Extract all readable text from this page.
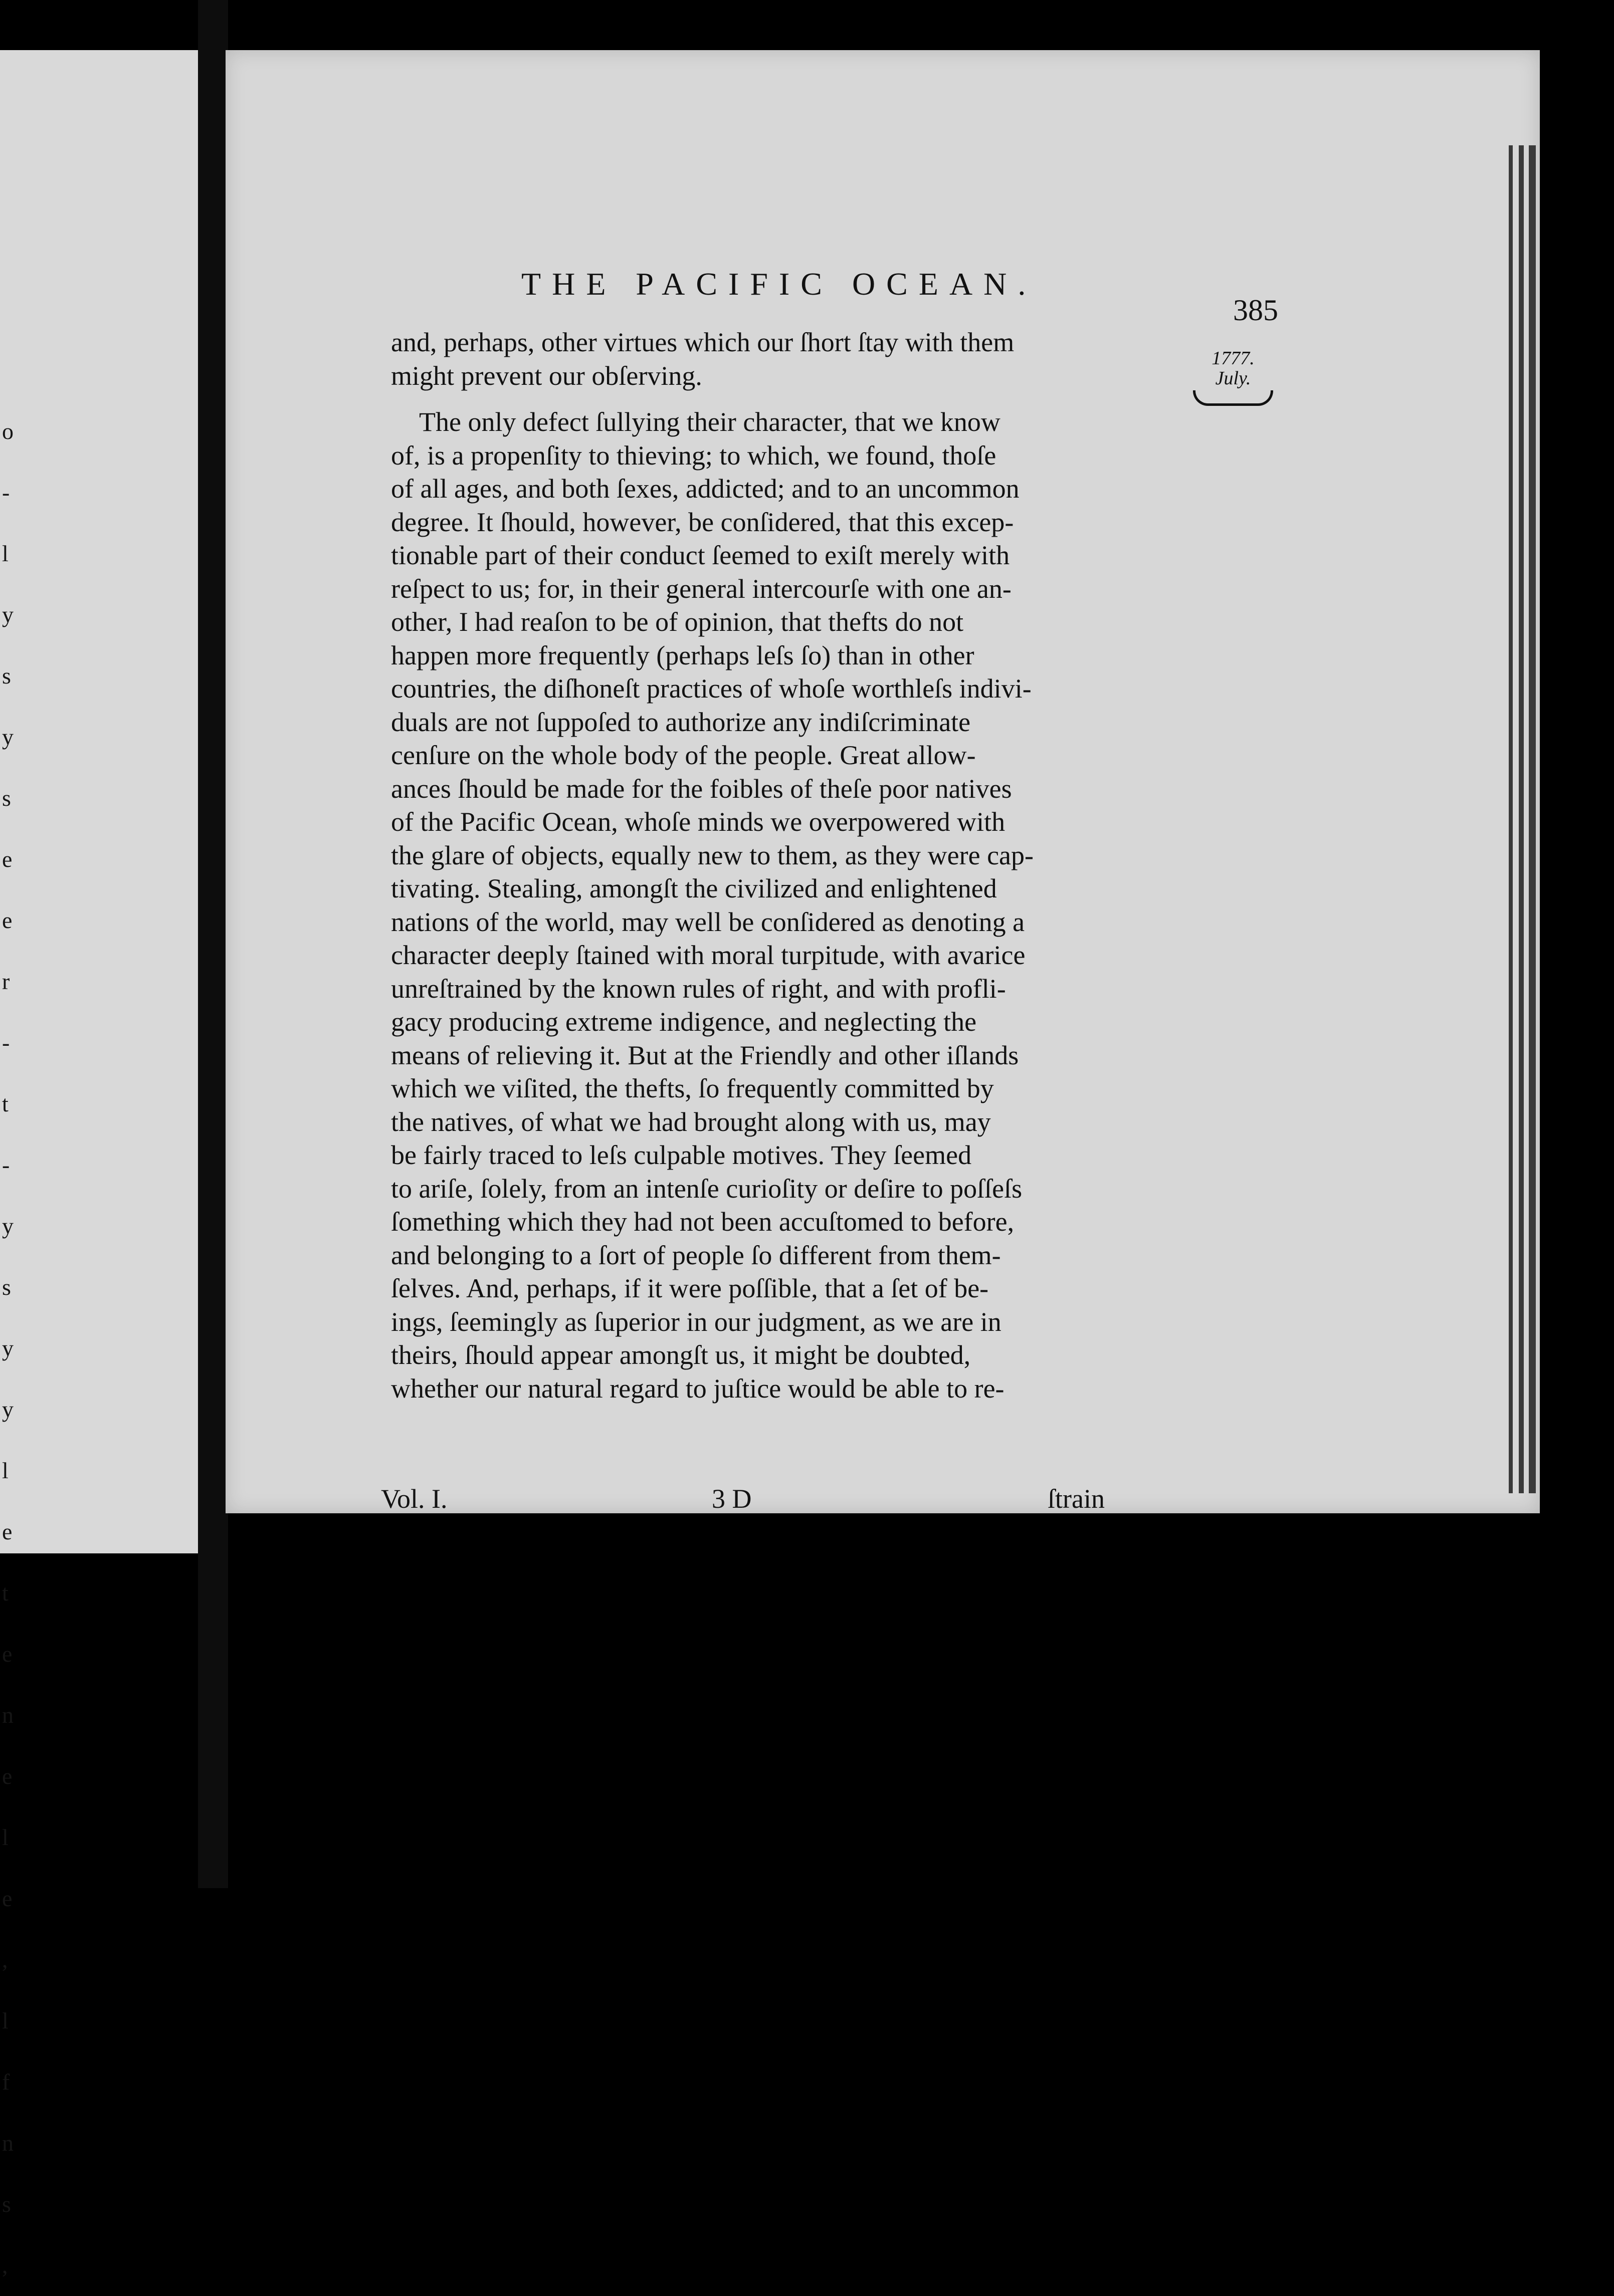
o
-
l
y
s
y
s
e
e
r
-
t
-
y
s
y
y
l
e
t
e
n
e
l
e
,
l
f
n
s
,
THE PACIFIC OCEAN.
385
1777.
July.
and, perhaps, other virtues which our ſhort ſtay with them
might prevent our obſerving.
The only defect ſullying their character, that we know
of, is a propenſity to thieving; to which, we found, thoſe
of all ages, and both ſexes, addicted; and to an uncommon
degree. It ſhould, however, be conſidered, that this excep-
tionable part of their conduct ſeemed to exiſt merely with
reſpect to us; for, in their general intercourſe with one an-
other, I had reaſon to be of opinion, that thefts do not
happen more frequently (perhaps leſs ſo) than in other
countries, the diſhoneſt practices of whoſe worthleſs indivi-
duals are not ſuppoſed to authorize any indiſcriminate
cenſure on the whole body of the people. Great allow-
ances ſhould be made for the foibles of theſe poor natives
of the Pacific Ocean, whoſe minds we overpowered with
the glare of objects, equally new to them, as they were cap-
tivating. Stealing, amongſt the civilized and enlightened
nations of the world, may well be conſidered as denoting a
character deeply ſtained with moral turpitude, with avarice
unreſtrained by the known rules of right, and with profli-
gacy producing extreme indigence, and neglecting the
means of relieving it. But at the Friendly and other iſlands
which we viſited, the thefts, ſo frequently committed by
the natives, of what we had brought along with us, may
be fairly traced to leſs culpable motives. They ſeemed
to ariſe, ſolely, from an intenſe curioſity or deſire to poſſeſs
ſomething which they had not been accuſtomed to before,
and belonging to a ſort of people ſo different from them-
ſelves. And, perhaps, if it were poſſible, that a ſet of be-
ings, ſeemingly as ſuperior in our judgment, as we are in
theirs, ſhould appear amongſt us, it might be doubted,
whether our natural regard to juſtice would be able to re-
Vol. I.	3 D	ſtrain
